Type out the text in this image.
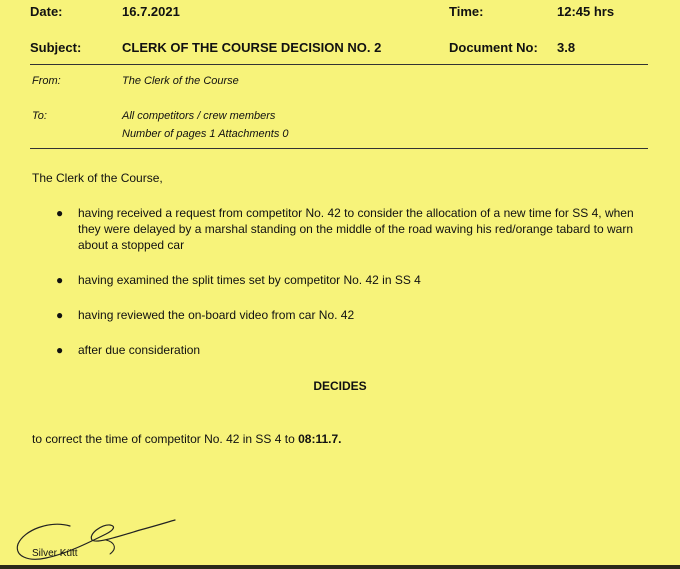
Date:	16.7.2021	Time:	12:45 hrs
Subject:	CLERK OF THE COURSE DECISION NO. 2	Document No: 3.8
From:	The Clerk of the Course
To:	All competitors / crew members
Number of pages 1 Attachments 0
The Clerk of the Course,
● having received a request from competitor No. 42 to consider the allocation of a new time for SS 4, when they were delayed by a marshal standing on the middle of the road waving his red/orange tabard to warn about a stopped car
● having examined the split times set by competitor No. 42 in SS 4
● having reviewed the on-board video from car No. 42
● after due consideration
DECIDES
to correct the time of competitor No. 42 in SS 4 to 08:11.7.
Silver Kütt
